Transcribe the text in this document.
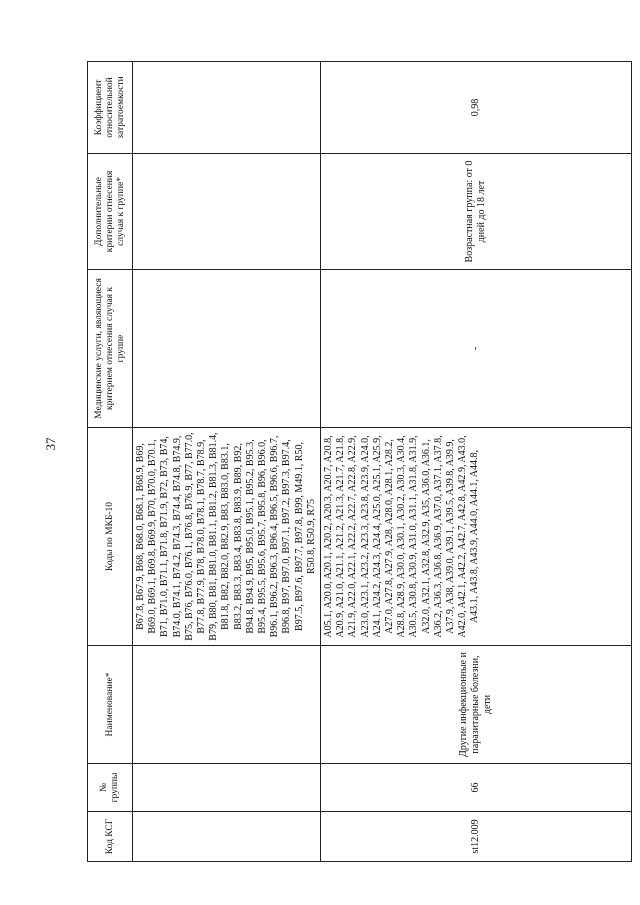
37
Код КСГ	№ группы	Наименование*	Коды по МКБ-10	Медицинские услуги, являющиеся критерием отнесения случая к группе	Дополнительные критерии отнесения случая к группе*	Коэффициент относительной затратоемкости
			B67.8, B67.9, B68, B68.0, B68.1, B68.9, B69, B69.0, B69.1, B69.8, B69.9, B70, B70.0, B70.1, B71, B71.0, B71.1, B71.8, B71.9, B72, B73, B74, B74.0, B74.1, B74.2, B74.3, B74.4, B74.8, B74.9, B75, B76, B76.0, B76.1, B76.8, B76.9, B77, B77.0, B77.8, B77.9, B78, B78.0, B78.1, B78.7, B78.9, B79, B80, B81, B81.0, B81.1, B81.2, B81.3, B81.4, B81.8, B82, B82.0, B82.9, B83, B83.0, B83.1, B83.2, B83.3, B83.4, B83.8, B83.9, B89, B92, B94.8, B94.9, B95, B95.0, B95.1, B95.2, B95.3, B95.4, B95.5, B95.6, B95.7, B95.8, B96, B96.0, B96.1, B96.2, B96.3, B96.4, B96.5, B96.6, B96.7, B96.8, B97, B97.0, B97.1, B97.2, B97.3, B97.4, B97.5, B97.6, B97.7, B97.8, B99, M49.1, R50, R50.8, R50.9, R75			
st12.009	66	Другие инфекционные и паразитарные болезни, дети	A05.1, A20.0, A20.1, A20.2, A20.3, A20.7, A20.8, A20.9, A21.0, A21.1, A21.2, A21.3, A21.7, A21.8, A21.9, A22.0, A22.1, A22.2, A22.7, A22.8, A22.9, A23.0, A23.1, A23.2, A23.3, A23.8, A23.9, A24.0, A24.1, A24.2, A24.3, A24.4, A25.0, A25.1, A25.9, A27.0, A27.8, A27.9, A28, A28.0, A28.1, A28.2, A28.8, A28.9, A30.0, A30.1, A30.2, A30.3, A30.4, A30.5, A30.8, A30.9, A31.0, A31.1, A31.8, A31.9, A32.0, A32.1, A32.8, A32.9, A35, A36.0, A36.1, A36.2, A36.3, A36.8, A36.9, A37.0, A37.1, A37.8, A37.9, A38, A39.0, A39.1, A39.5, A39.8, A39.9, A42.0, A42.1, A42.2, A42.7, A42.8, A42.9, A43.0, A43.1, A43.8, A43.9, A44.0, A44.1, A44.8,	-	Возрастная группа: от 0 дней до 18 лет	0,98
